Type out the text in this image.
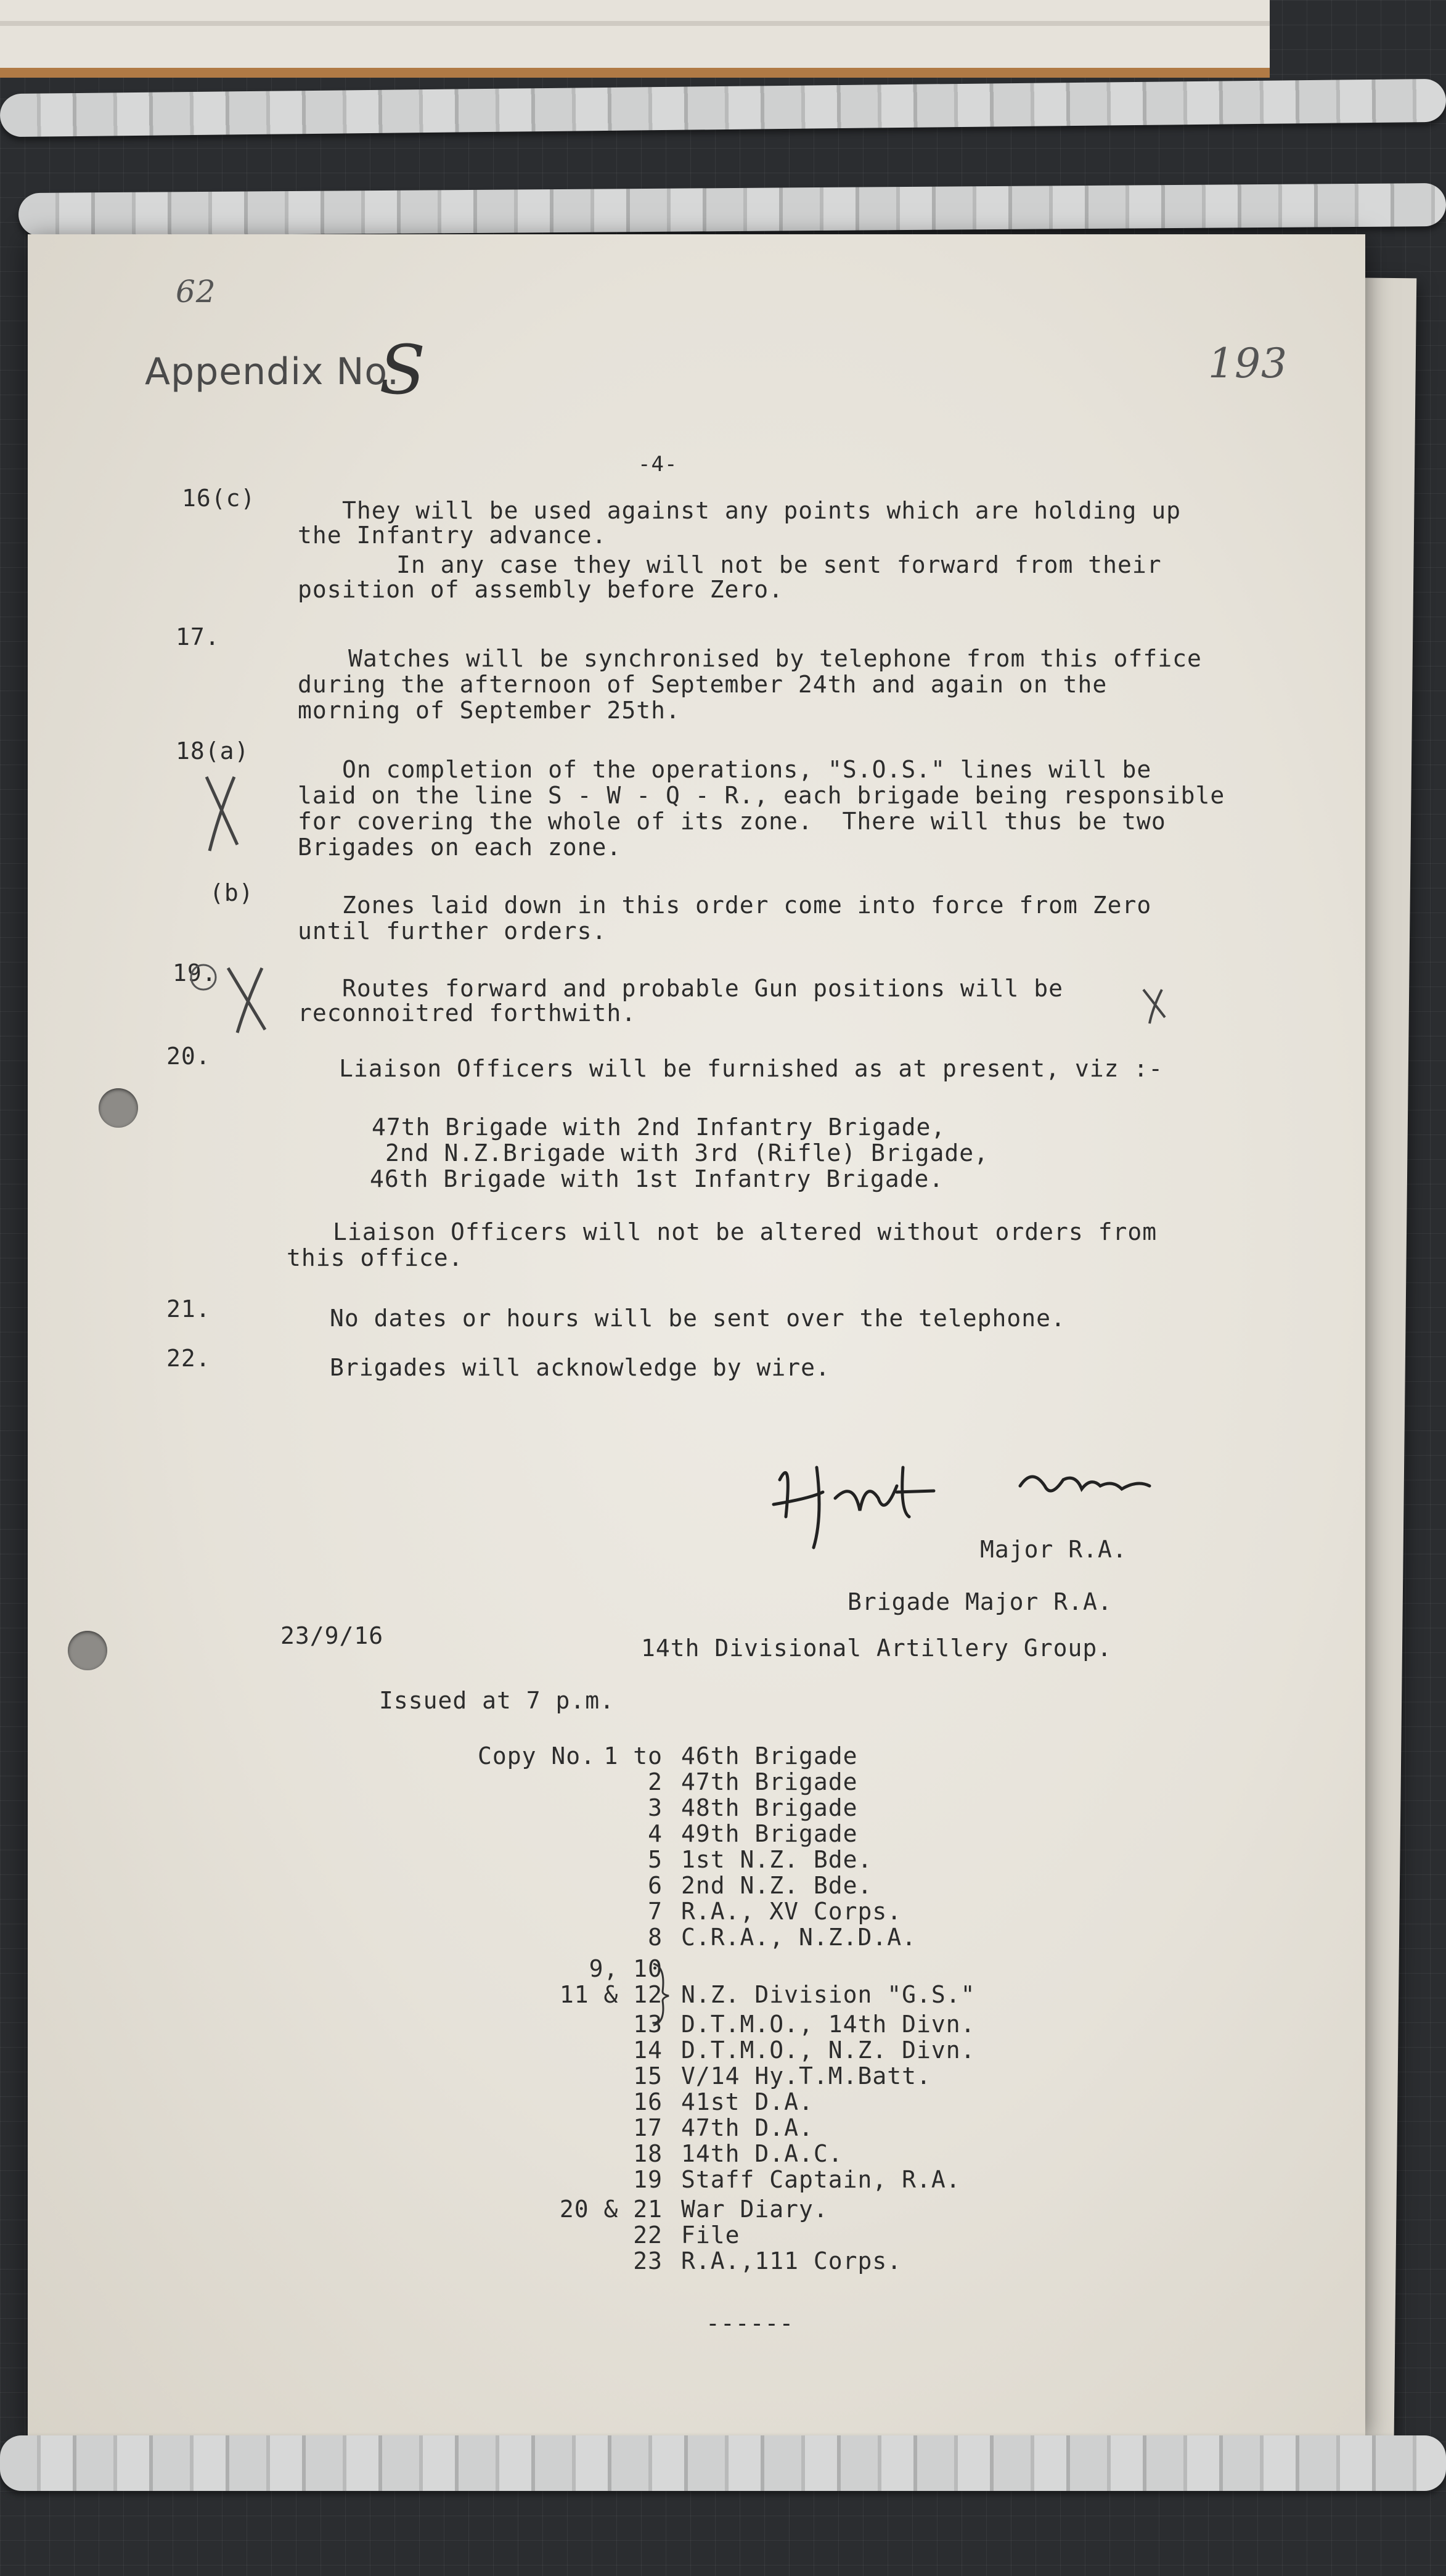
62
Appendix No.
S	193
-4-
16(c)	They will be used against any points which are holding up
the Infantry advance.
In any case they will not be sent forward from their
position of assembly before Zero.
17.
Watches will be synchronised by telephone from this office
during the afternoon of September 24th and again on the
morning of September 25th.
18(a)
On completion of the operations, "S.O.S." lines will be
laid on the line S - W - Q - R., each brigade being responsible
for covering the whole of its zone.  There will thus be two
Brigades on each zone.
(b)	Zones laid down in this order come into force from Zero
until further orders.
19.
Routes forward and probable Gun positions will be
reconnoitred forthwith.
20.	Liaison Officers will be furnished as at present, viz :-
47th Brigade with 2nd Infantry Brigade,
2nd N.Z.Brigade with 3rd (Rifle) Brigade,
46th Brigade with 1st Infantry Brigade.
Liaison Officers will not be altered without orders from
this office.
21.	No dates or hours will be sent over the telephone.
22.	Brigades will acknowledge by wire.
Major R.A.
Brigade Major R.A.
23/9/16	14th Divisional Artillery Group.
Issued at 7 p.m.
Copy No. 1 to 46th Brigade
2 47th Brigade
3 48th Brigade
4 49th Brigade
5 1st N.Z. Bde.
6 2nd N.Z. Bde.
7 R.A., XV Corps.
8 C.R.A., N.Z.D.A.
9, 10
11 & 12 N.Z. Division "G.S."
13 D.T.M.O., 14th Divn.
14 D.T.M.O., N.Z. Divn.
15 V/14 Hy.T.M.Batt.
16 41st D.A.
17 47th D.A.
18 14th D.A.C.
19 Staff Captain, R.A.
20 & 21 War Diary.
22 File
23 R.A.,111 Corps.
------
